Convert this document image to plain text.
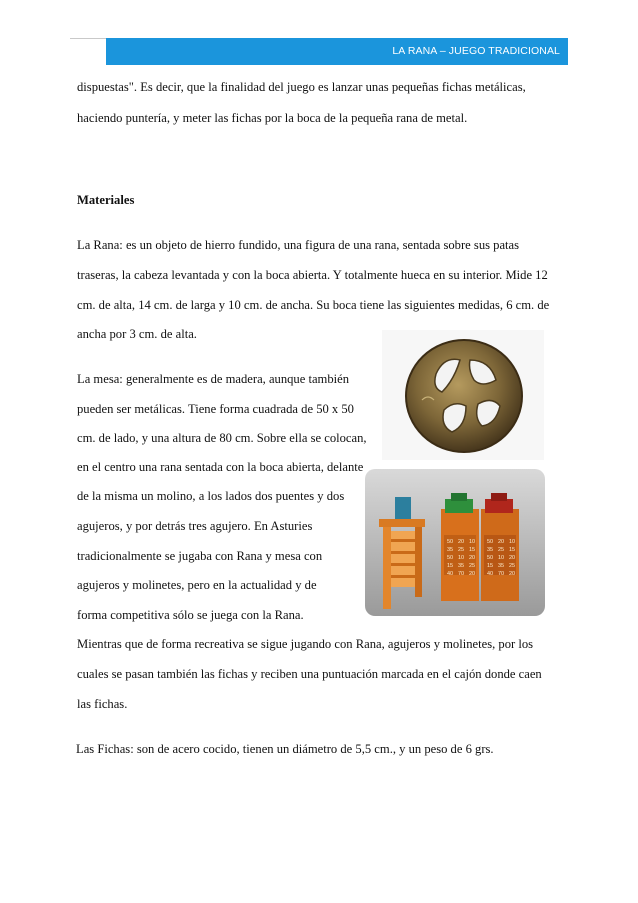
LA RANA – JUEGO TRADICIONAL

dispuestas". Es decir, que la finalidad del juego es lanzar unas pequeñas fichas metálicas,

haciendo puntería, y meter las fichas por la boca de la pequeña rana de metal.

Materiales

La Rana: es un objeto de hierro fundido, una figura de una rana, sentada sobre sus patas

traseras, la cabeza levantada y con la boca abierta. Y totalmente hueca en su interior. Mide 12

cm. de alta, 14 cm. de larga y 10 cm. de ancha. Su boca tiene las siguientes medidas, 6 cm. de

ancha por 3 cm. de alta.

La mesa: generalmente es de madera, aunque también

pueden ser metálicas. Tiene forma cuadrada de 50 x 50

cm. de lado, y una altura de 80 cm. Sobre ella se colocan,

en el centro una rana sentada con la boca abierta, delante

de la misma un molino, a los lados dos puentes y dos

agujeros, y por detrás tres agujero. En Asturies

tradicionalmente se jugaba con Rana y mesa con

agujeros y molinetes, pero en la actualidad y de

forma competitiva sólo se juega con la Rana.

Mientras que de forma recreativa se sigue jugando con Rana, agujeros y molinetes, por los

cuales se pasan también las fichas y reciben una puntuación marcada en el cajón donde caen

las fichas.

Las Fichas: son de acero cocido, tienen un diámetro de 5,5 cm., y un peso de 6 grs.

50 20 10
35 25 15
50 10 20
15 35 25
40 70 20
50 20 10
35 25 15
50 10 20
15 35 25
40 70 20
